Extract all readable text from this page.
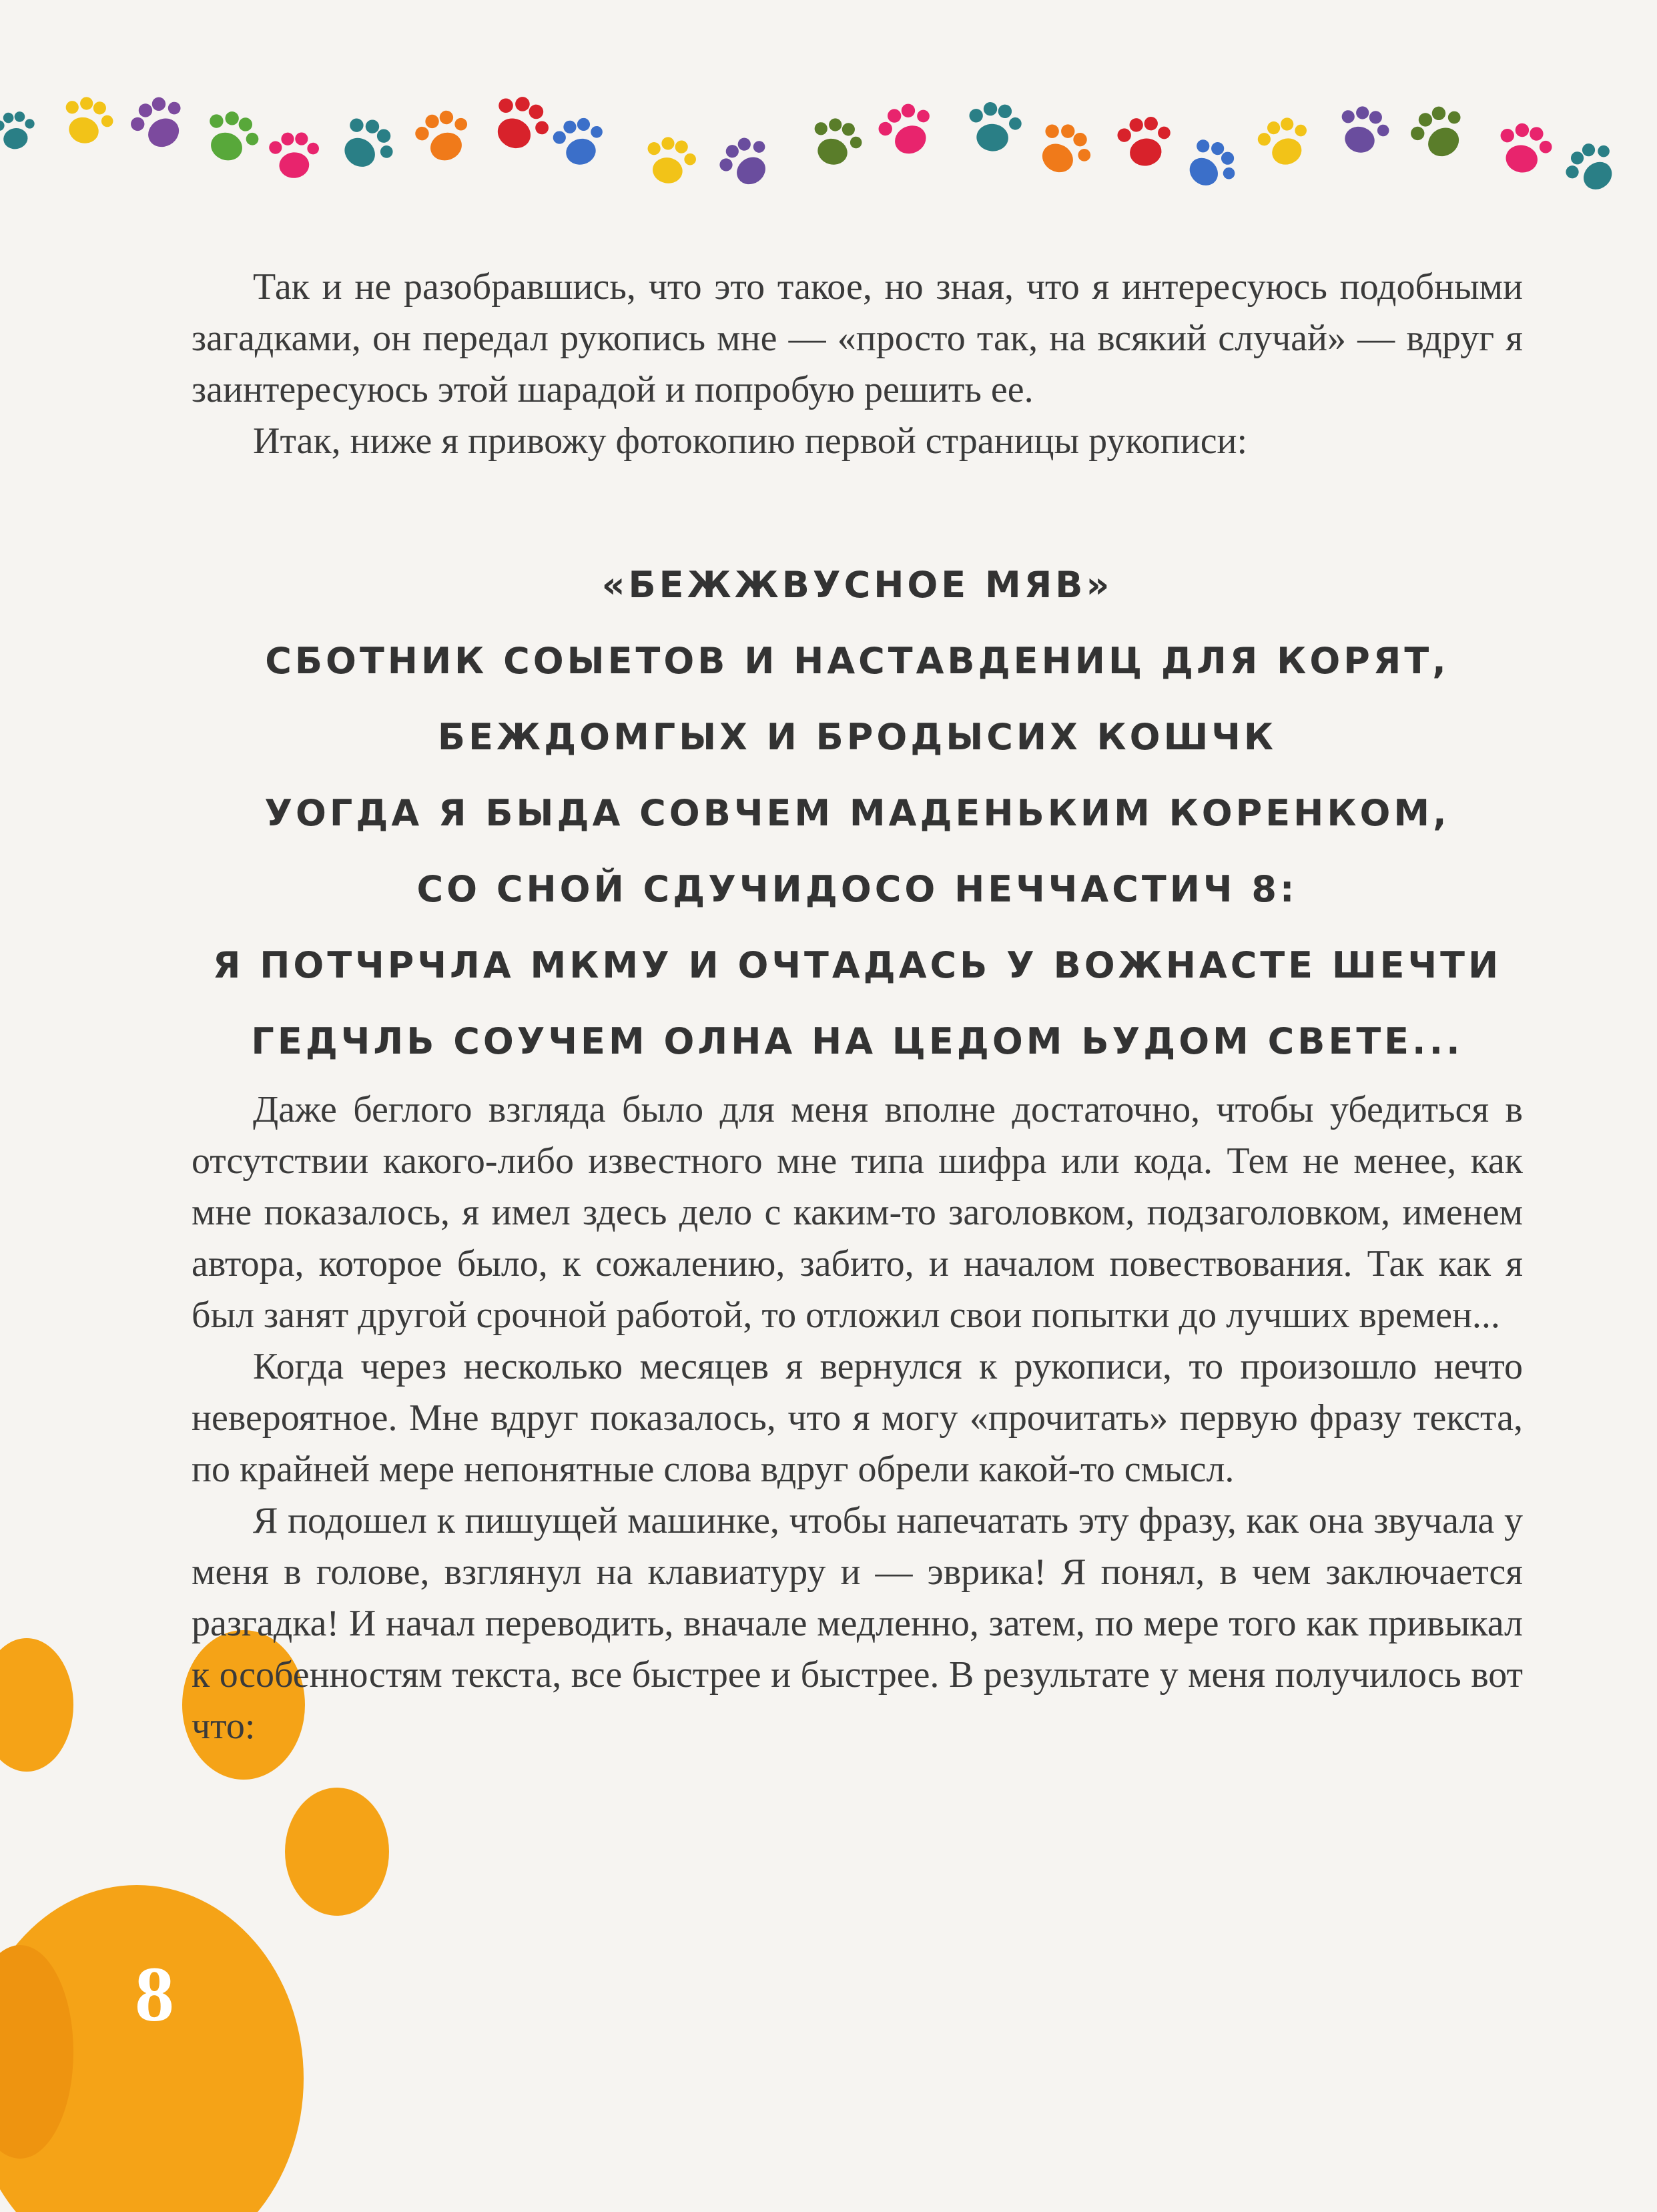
Так и не разобравшись, что это такое, но зная, что я интересуюсь подобными загадками, он передал рукопись мне — «просто так, на всякий случай» — вдруг я заинтересуюсь этой шарадой и попробую решить ее.

Итак, ниже я привожу фотокопию первой страницы рукописи:

«БЕЖЖВУСНОЕ МЯВ»
СБОТНИК СОЫЕТОВ И НАСТАВДЕНИЦ ДЛЯ КОРЯТ,
БЕЖДОМГЫХ И БРОДЫСИХ КОШЧК
УОГДА Я БЫДА СОВЧЕМ МАДЕНЬКИМ КОРЕНКОМ,
СО СНОЙ СДУЧИДОСО НЕЧЧАСТИЧ 8:
Я ПОТЧРЧЛА МКМУ И ОЧТАДАСЬ У ВОЖНАСТЕ ШЕЧТИ
ГЕДЧЛЬ СОУЧЕМ ОЛНА НА ЦЕДОМ ЬУДОМ СВЕТЕ...

Даже беглого взгляда было для меня вполне достаточно, чтобы убедиться в отсутствии какого-либо известного мне типа шифра или кода. Тем не менее, как мне показалось, я имел здесь дело с каким-то заголовком, подзаголовком, именем автора, которое было, к сожалению, забито, и началом повествования. Так как я был занят другой срочной работой, то отложил свои попытки до лучших времен...

Когда через несколько месяцев я вернулся к рукописи, то произошло нечто невероятное. Мне вдруг показалось, что я могу «прочитать» первую фразу текста, по крайней мере непонятные слова вдруг обрели какой-то смысл.

Я подошел к пишущей машинке, чтобы напечатать эту фразу, как она звучала у меня в голове, взглянул на клавиатуру и — эврика! Я понял, в чем заключается разгадка! И начал переводить, вначале медленно, затем, по мере того как привыкал к особенностям текста, все быстрее и быстрее. В результате у меня получилось вот что:

8
